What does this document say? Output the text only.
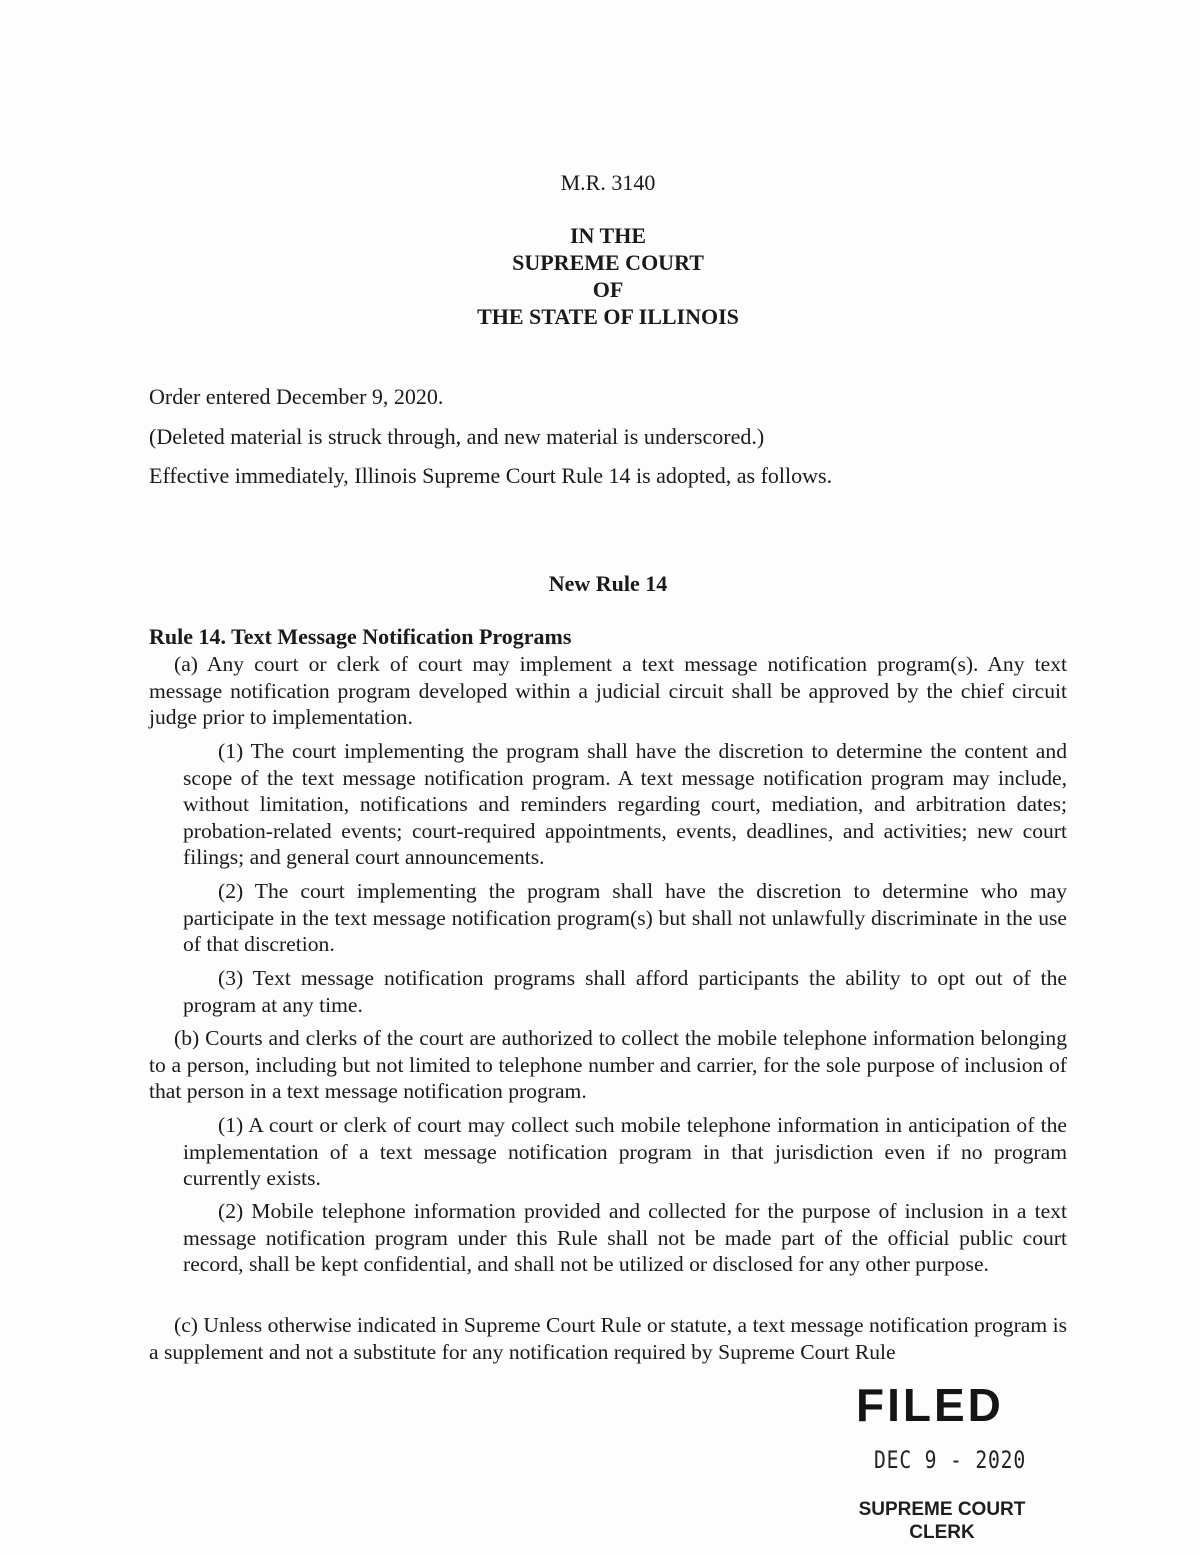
M.R. 3140
IN THE
SUPREME COURT
OF
THE STATE OF ILLINOIS
Order entered December 9, 2020.
(Deleted material is struck through, and new material is underscored.)
Effective immediately, Illinois Supreme Court Rule 14 is adopted, as follows.
New Rule 14
Rule 14. Text Message Notification Programs
(a) Any court or clerk of court may implement a text message notification program(s). Any text message notification program developed within a judicial circuit shall be approved by the chief circuit judge prior to implementation.
(1) The court implementing the program shall have the discretion to determine the content and scope of the text message notification program. A text message notification program may include, without limitation, notifications and reminders regarding court, mediation, and arbitration dates; probation-related events; court-required appointments, events, deadlines, and activities; new court filings; and general court announcements.
(2) The court implementing the program shall have the discretion to determine who may participate in the text message notification program(s) but shall not unlawfully discriminate in the use of that discretion.
(3) Text message notification programs shall afford participants the ability to opt out of the program at any time.
(b) Courts and clerks of the court are authorized to collect the mobile telephone information belonging to a person, including but not limited to telephone number and carrier, for the sole purpose of inclusion of that person in a text message notification program.
(1) A court or clerk of court may collect such mobile telephone information in anticipation of the implementation of a text message notification program in that jurisdiction even if no program currently exists.
(2) Mobile telephone information provided and collected for the purpose of inclusion in a text message notification program under this Rule shall not be made part of the official public court record, shall be kept confidential, and shall not be utilized or disclosed for any other purpose.
(c) Unless otherwise indicated in Supreme Court Rule or statute, a text message notification program is a supplement and not a substitute for any notification required by Supreme Court Rule
FILED
DEC 9 - 2020
SUPREME COURT
CLERK
